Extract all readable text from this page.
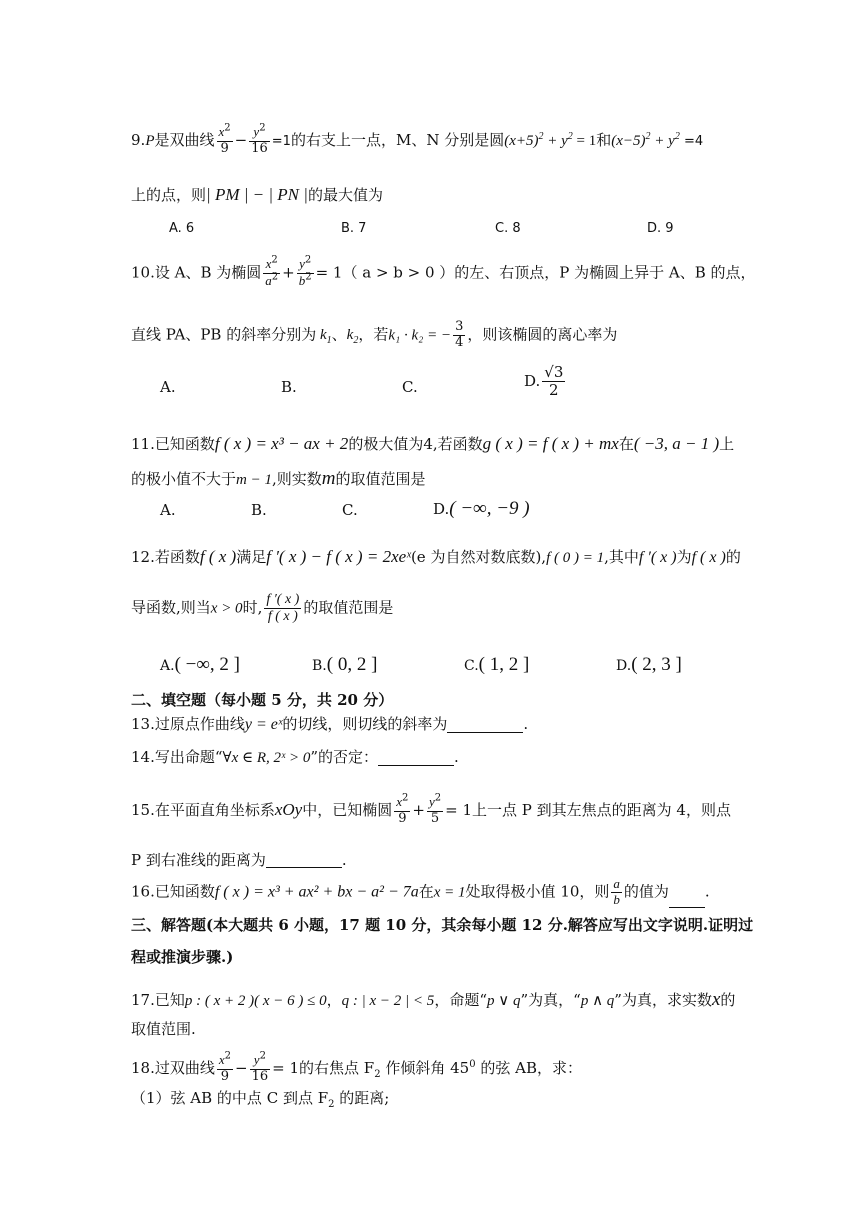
9.P是双曲线 $\frac{x^2}{9} - \frac{y^2}{16} =1$的右支上一点，M、N 分别是圆$(x+5)^2 + y^2 = 1$和$(x-5)^2 + y^2 =4$
上的点，则| PM | − | PN |的最大值为
A. 6	B. 7	C. 8	D. 9
10.设 A、B 为椭圆 $\frac{x^2}{a^2} + \frac{y^2}{b^2} = 1$（ a > b > 0 ）的左、右顶点，P 为椭圆上异于 A、B 的点，
直线 PA、PB 的斜率分别为 $k_1$、$k_2$，若k₁ · k₂ = − $\frac{3}{4}$ ，则该椭圆的离心率为
A.	B.	C.	D. $\frac{√3}{2}$
11.已知函数f ( x ) = x³ − ax + 2的极大值为4,若函数g ( x ) = f ( x ) + mx在( −3, a − 1 )上
的极小值不大于m − 1,则实数m的取值范围是
A.	B.	C.	D.( −∞, −9 )
12.若函数f ( x )满足f ′( x ) − f ( x ) = 2xeˣ(e 为自然对数底数),f ( 0 ) = 1,其中f ′( x )为f ( x )的
导函数,则当x > 0时, $\frac{f '( x )}{f ( x )}$ 的取值范围是
A.( −∞, 2 ]	B.( 0, 2 ]	C.( 1, 2 ]	D.( 2, 3 ]
二、填空题（每小题 5 分，共 20 分）
13.过原点作曲线y = eˣ的切线，则切线的斜率为	.
14.写出命题“∀x ∈ R, 2ˣ > 0”的否定：	.
15.在平面直角坐标系xOy中，已知椭圆 $\frac{x^2}{9} + \frac{y^2}{5} = 1$上一点 P 到其左焦点的距离为 4，则点
P 到右准线的距离为	.
16.已知函数f ( x ) = x³ + ax² + bx − a² − 7a在x = 1处取得极小值 10，则 $\frac{a}{b}$ 的值为 .
三、解答题(本大题共 6 小题，17 题 10 分，其余每小题 12 分.解答应写出文字说明.证明过
程或推演步骤.)
17.已知p : ( x + 2 )( x − 6 ) ≤ 0，q : | x − 2 | < 5，命题“p ∨ q”为真，“p ∧ q”为真，求实数x的
取值范围.
18.过双曲线 $\frac{x^2}{9} - \frac{y^2}{16} = 1$的右焦点 $F_2$ 作倾斜角 $45^0$ 的弦 AB，求：
（1）弦 AB 的中点 C 到点 $F_2$ 的距离;
